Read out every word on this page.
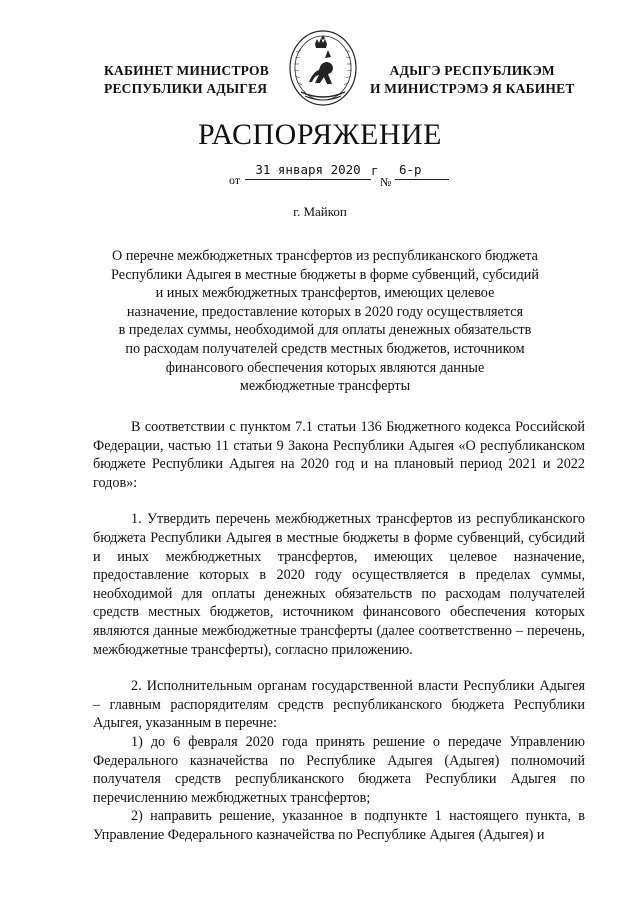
КАБИНЕТ МИНИСТРОВ
РЕСПУБЛИКИ АДЫГЕЯ
АДЫГЭ РЕСПУБЛИКЭМ
И МИНИСТРЭМЭ Я КАБИНЕТ
РАСПОРЯЖЕНИЕ
от
31 января 2020 г
№
6-р
г. Майкоп
О перечне межбюджетных трансфертов из республиканского бюджета
Республики Адыгея в местные бюджеты в форме субвенций, субсидий
и иных межбюджетных трансфертов, имеющих целевое
назначение, предоставление которых в 2020 году осуществляется
в пределах суммы, необходимой для оплаты денежных обязательств
по расходам получателей средств местных бюджетов, источником
финансового обеспечения которых являются данные
межбюджетные трансферты

В соответствии с пунктом 7.1 статьи 136 Бюджетного кодекса Российской Федерации, частью 11 статьи 9 Закона Республики Адыгея «О республиканском бюджете Республики Адыгея на 2020 год и на плановый период 2021 и 2022 годов»:

1. Утвердить перечень межбюджетных трансфертов из республиканского бюджета Республики Адыгея в местные бюджеты в форме субвенций, субсидий и иных межбюджетных трансфертов, имеющих целевое назначение, предоставление которых в 2020 году осуществляется в пределах суммы, необходимой для оплаты денежных обязательств по расходам получателей средств местных бюджетов, источником финансового обеспечения которых являются данные межбюджетные трансферты (далее соответственно – перечень, межбюджетные трансферты), согласно приложению.

2. Исполнительным органам государственной власти Республики Адыгея – главным распорядителям средств республиканского бюджета Республики Адыгея, указанным в перечне:

1) до 6 февраля 2020 года принять решение о передаче Управлению Федерального казначейства по Республике Адыгея (Адыгея) полномочий получателя средств республиканского бюджета Республики Адыгея по перечисленнию межбюджетных трансфертов;

2) направить решение, указанное в подпункте 1 настоящего пункта, в Управление Федерального казначейства по Республике Адыгея (Адыгея) и
